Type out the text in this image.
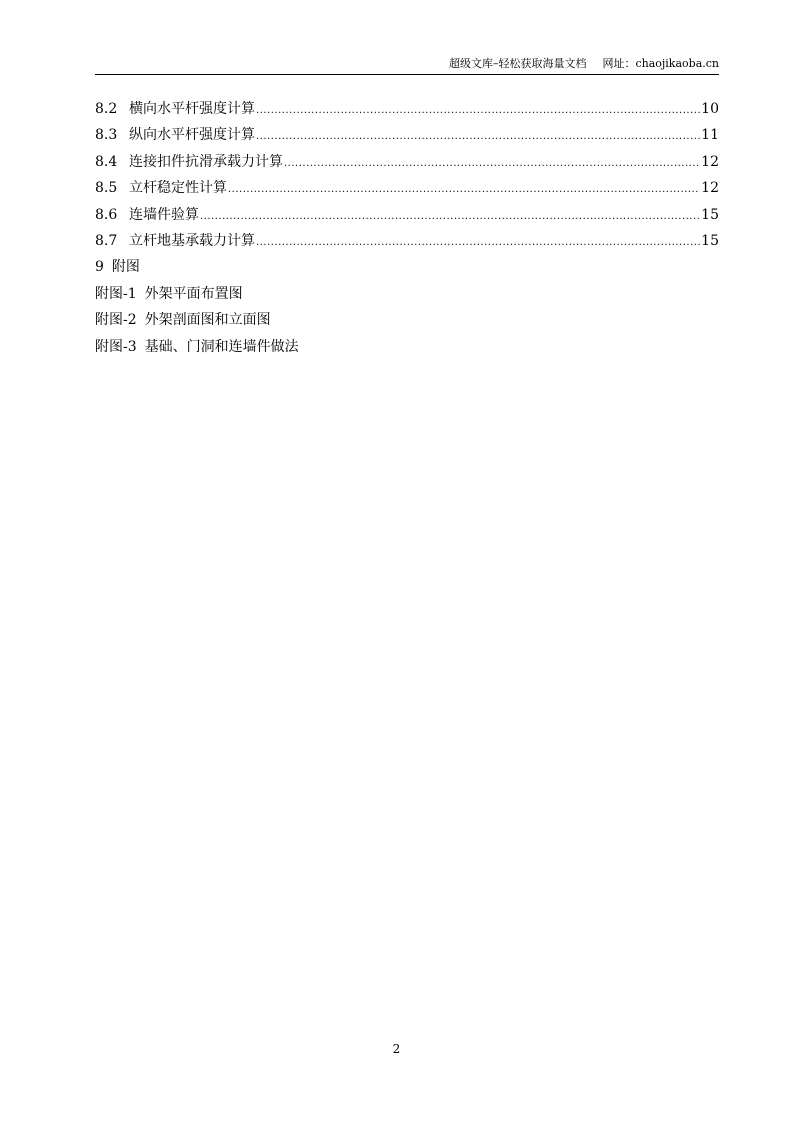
超级文库–轻松获取海量文档 网址：chaojikaoba.cn
8.2 横向水平杆强度计算 .....	10
8.3 纵向水平杆强度计算 .....	11
8.4 连接扣件抗滑承载力计算 .....	12
8.5 立杆稳定性计算 .....	12
8.6 连墙件验算 .....	15
8.7 立杆地基承载力计算 .....	15
9 附图
附图-1 外架平面布置图
附图-2 外架剖面图和立面图
附图-3 基础、门洞和连墙件做法
2
